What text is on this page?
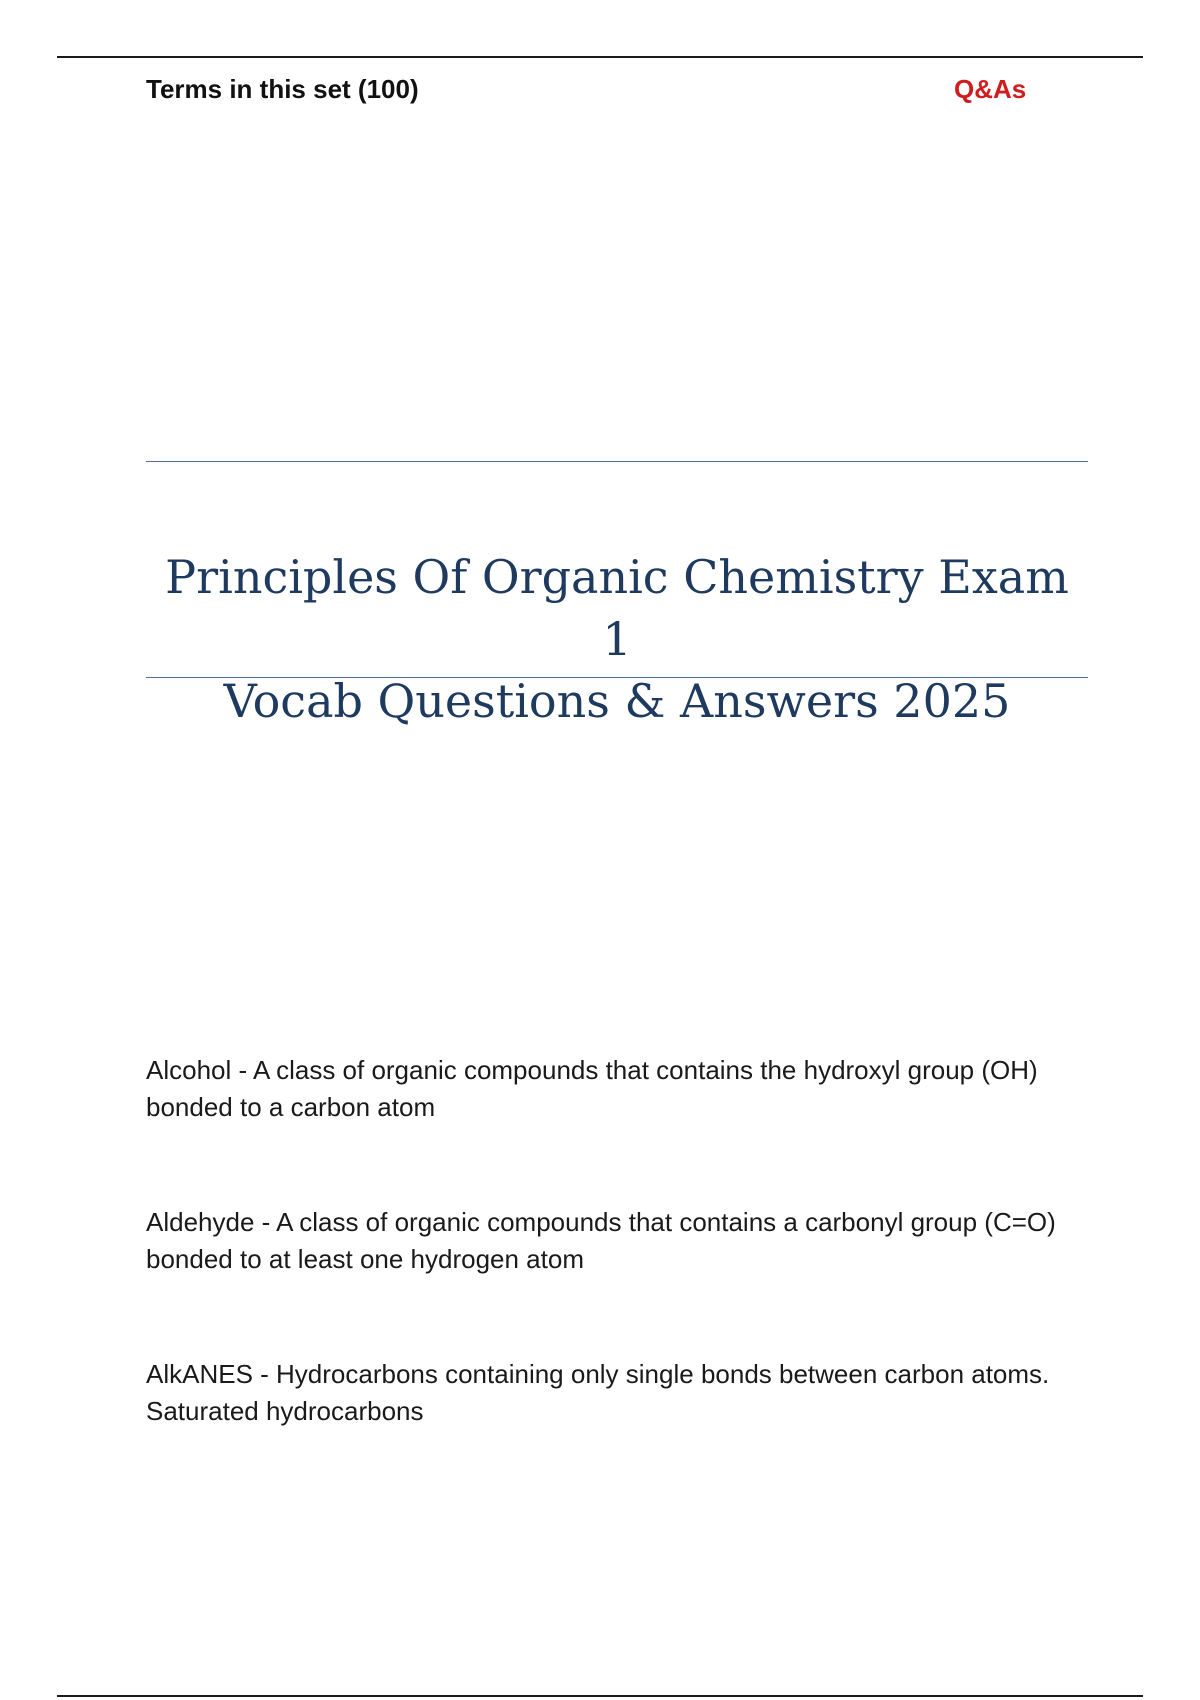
Terms in this set (100)	Q&As
Principles Of Organic Chemistry Exam 1
Vocab Questions & Answers 2025

Alcohol - A class of organic compounds that contains the hydroxyl group (OH) bonded to a carbon atom

Aldehyde - A class of organic compounds that contains a carbonyl group (C=O) bonded to at least one hydrogen atom

AlkANES - Hydrocarbons containing only single bonds between carbon atoms. Saturated hydrocarbons
